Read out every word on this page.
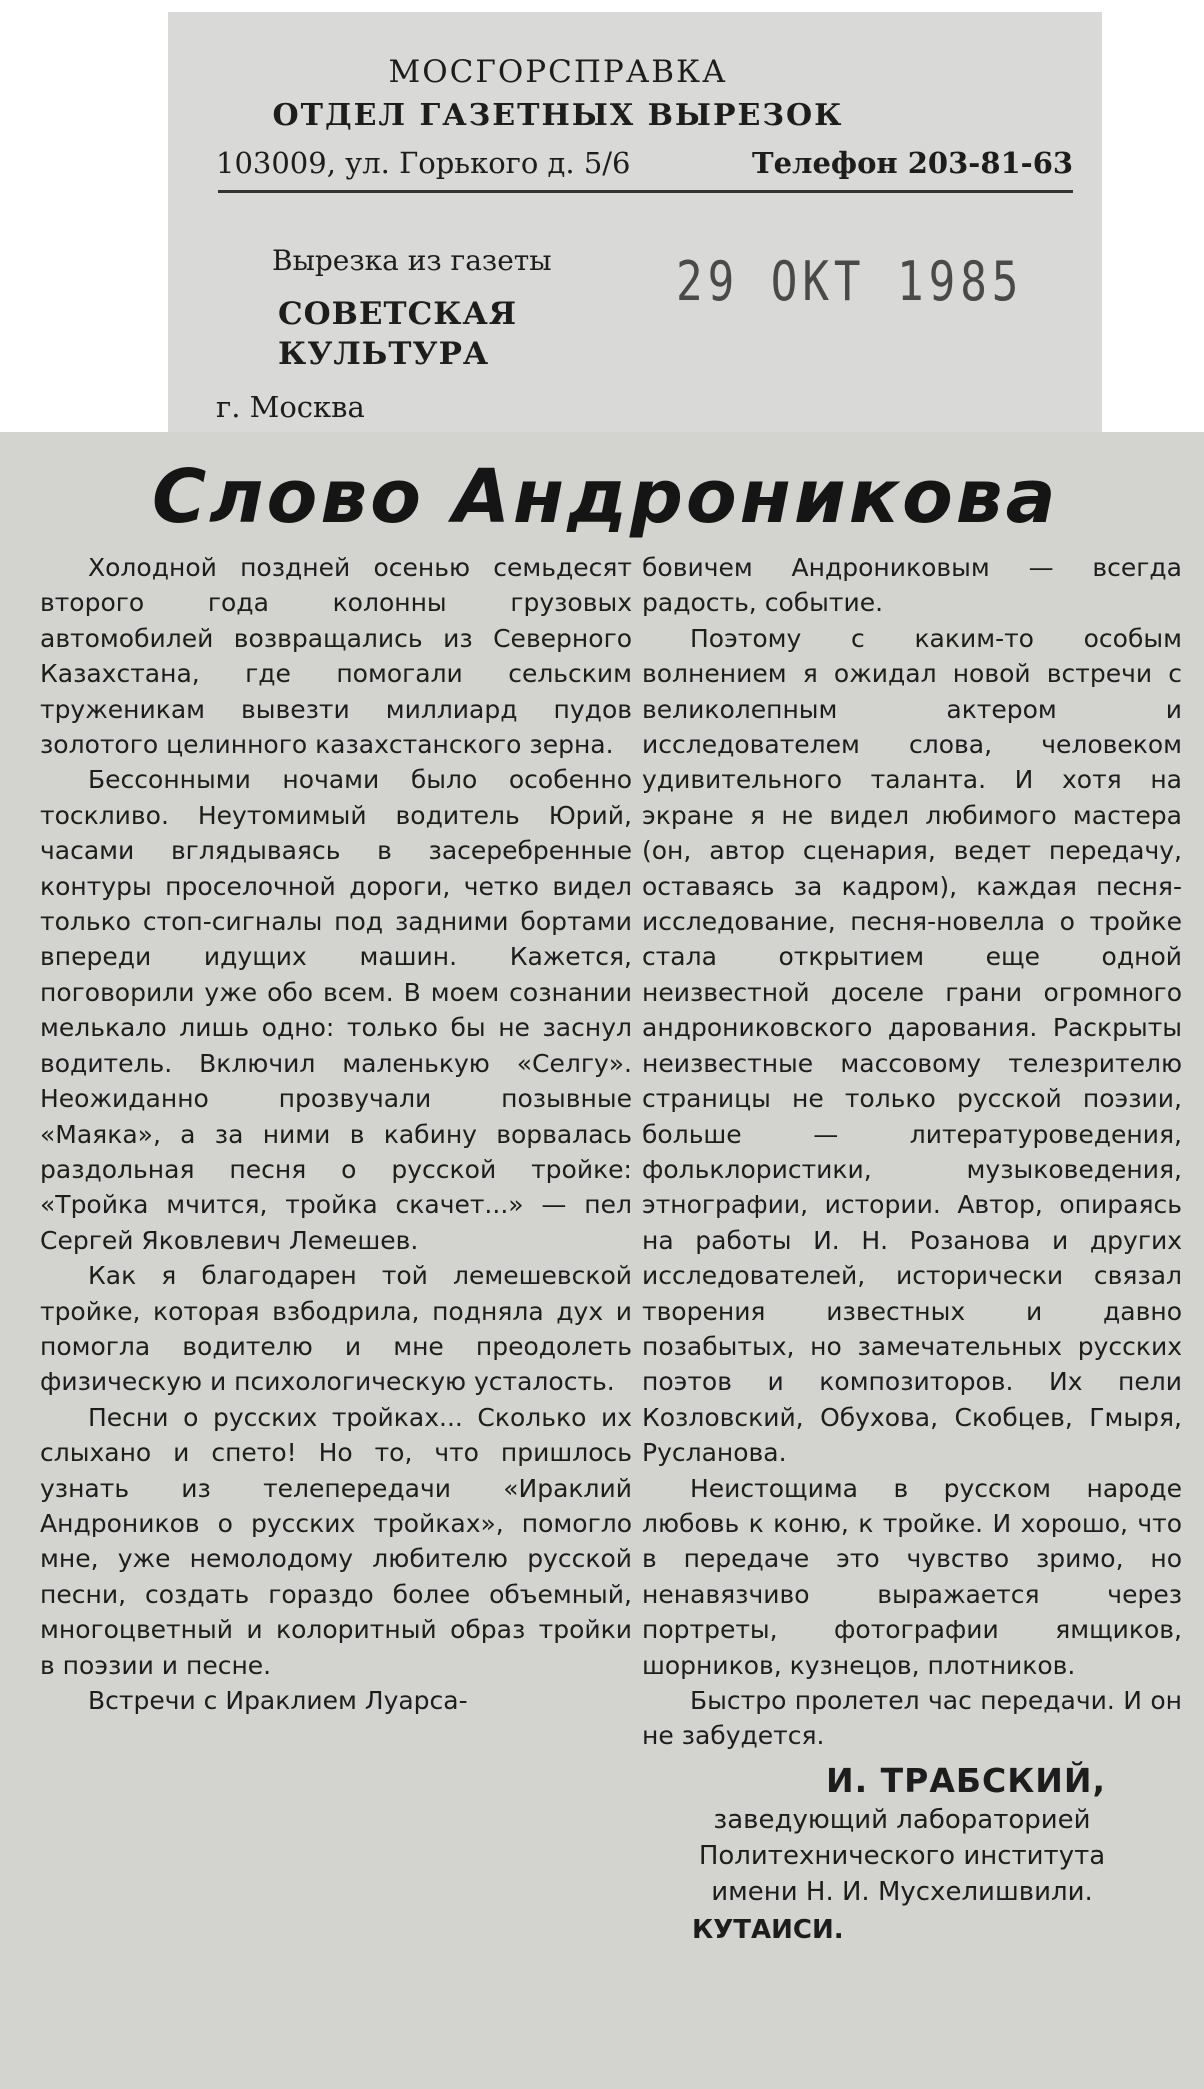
МОСГОРСПРАВКА
ОТДЕЛ ГАЗЕТНЫХ ВЫРЕЗОК
103009, ул. Горького д. 5/6	Телефон 203-81-63
Вырезка из газеты
СОВЕТСКАЯ
КУЛЬТУРА
29 ОКТ 1985
г. Москва
Слово Андроникова

Холодной поздней осенью семьдесят второго года колонны грузовых автомобилей возвращались из Северного Казахстана, где помогали сельским труженикам вывезти миллиард пудов золотого целинного казахстанского зерна.

Бессонными ночами было особенно тоскливо. Неутомимый водитель Юрий, часами вглядываясь в засеребренные контуры проселочной дороги, четко видел только стоп-сигналы под задними бортами впереди идущих машин. Кажется, поговорили уже обо всем. В моем сознании мелькало лишь одно: только бы не заснул водитель. Включил маленькую «Селгу». Неожиданно прозвучали позывные «Маяка», а за ними в кабину ворвалась раздольная песня о русской тройке: «Тройка мчится, тройка скачет...» — пел Сергей Яковлевич Лемешев.

Как я благодарен той лемешевской тройке, которая взбодрила, подняла дух и помогла водителю и мне преодолеть физическую и психологическую усталость.

Песни о русских тройках... Сколько их слыхано и спето! Но то, что пришлось узнать из телепередачи «Ираклий Андроников о русских тройках», помогло мне, уже немолодому любителю русской песни, создать гораздо более объемный, многоцветный и колоритный образ тройки в поэзии и песне.

Встречи с Ираклием Луарса-

бовичем Андрониковым — всегда радость, событие.

Поэтому с каким-то особым волнением я ожидал новой встречи с великолепным актером и исследователем слова, человеком удивительного таланта. И хотя на экране я не видел любимого мастера (он, автор сценария, ведет передачу, оставаясь за кадром), каждая песня-исследование, песня-новелла о тройке стала открытием еще одной неизвестной доселе грани огромного андрониковского дарования. Раскрыты неизвестные массовому телезрителю страницы не только русской поэзии, больше — литературоведения, фольклористики, музыковедения, этнографии, истории. Автор, опираясь на работы И. Н. Розанова и других исследователей, исторически связал творения известных и давно позабытых, но замечательных русских поэтов и композиторов. Их пели Козловский, Обухова, Скобцев, Гмыря, Русланова.

Неистощима в русском народе любовь к коню, к тройке. И хорошо, что в передаче это чувство зримо, но ненавязчиво выражается через портреты, фотографии ямщиков, шорников, кузнецов, плотников.

Быстро пролетел час передачи. И он не забудется.

И. ТРАБСКИЙ,
заведующий лабораторией
Политехнического института
имени Н. И. Мусхелишвили.
КУТАИСИ.
